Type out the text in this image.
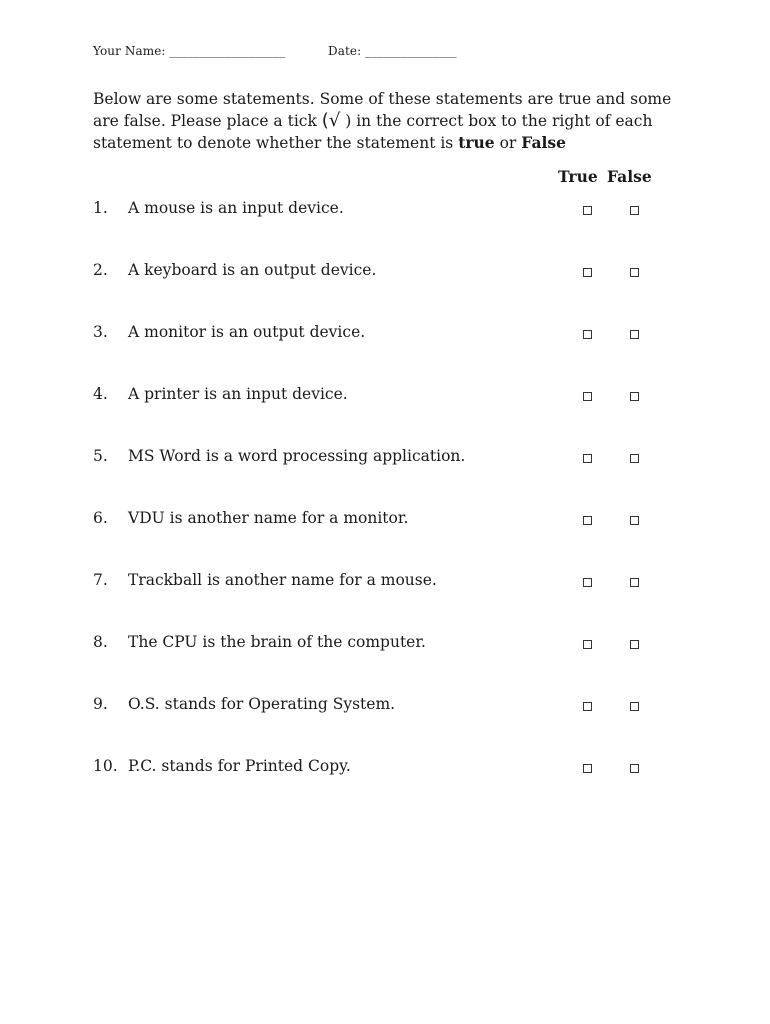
Your Name: ___________________	Date: _______________
Below are some statements. Some of these statements are true and some are false. Please place a tick (√ ) in the correct box to the right of each statement to denote whether the statement is true or False
True False
1. A mouse is an input device.
2. A keyboard is an output device.
3. A monitor is an output device.
4. A printer is an input device.
5. MS Word is a word processing application.
6. VDU is another name for a monitor.
7. Trackball is another name for a mouse.
8. The CPU is the brain of the computer.
9. O.S. stands for Operating System.
10. P.C. stands for Printed Copy.
